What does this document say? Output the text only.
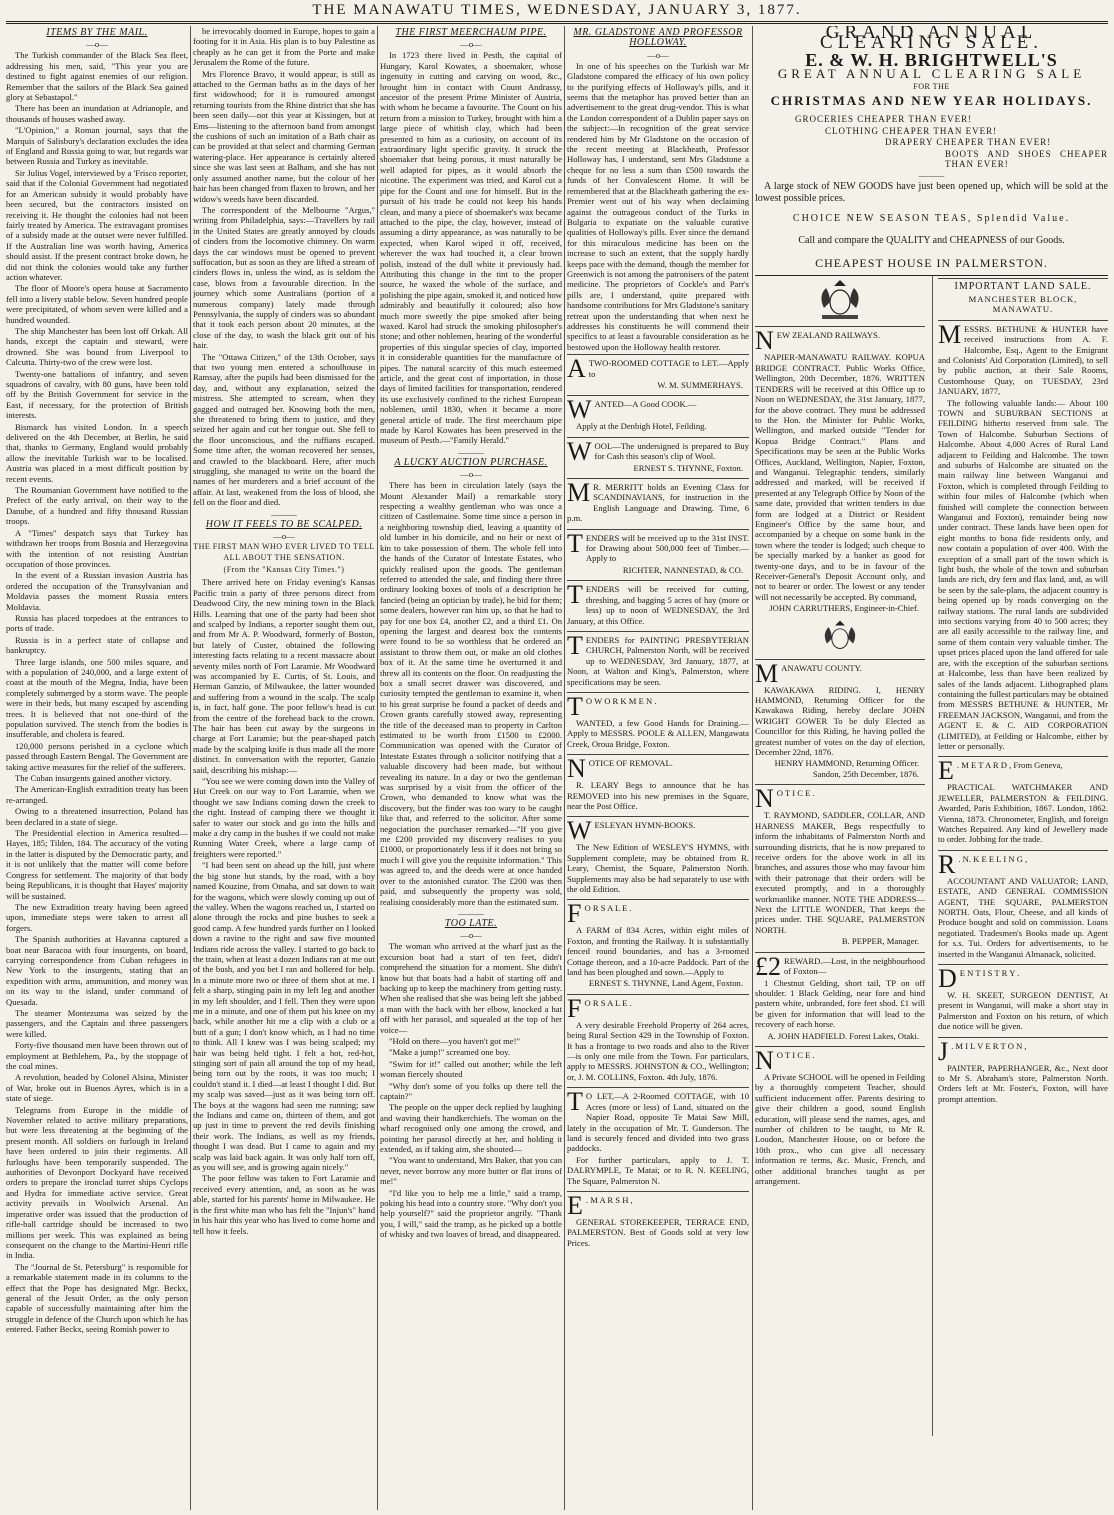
THE MANAWATU TIMES, WEDNESDAY, JANUARY 3, 1877.
ITEMS BY THE MAIL.
—o—

The Turkish commander of the Black Sea fleet, addressing his men, said, "This year you are destined to fight against enemies of our religion. Remember that the sailors of the Black Sea gained glory at Sebastapol."

There has been an inundation at Adrianople, and thousands of houses washed away.

"L'Opinion," a Roman journal, says that the Marquis of Salisbury's declaration excludes the idea of England and Russia going to war, but regards war between Russia and Turkey as inevitable.

Sir Julius Vogel, interviewed by a 'Frisco reporter, said that if the Colonial Government had negotiated for an American subsidy it would probably have been secured, but the contractors insisted on receiving it. He thought the colonies had not been fairly treated by America. The extravagant promises of a subsidy made at the outset were never fulfilled. If the Australian line was worth having, America should assist. If the present contract broke down, he did not think the colonies would take any further action whatever.

The floor of Moore's opera house at Sacramento fell into a livery stable below. Seven hundred people were precipitated, of whom seven were killed and a hundred wounded.

The ship Manchester has been lost off Orkah. All hands, except the captain and steward, were drowned. She was bound from Liverpool to Calcutta. Thirty-two of the crew were lost.

Twenty-one battalions of infantry, and seven squadrons of cavalry, with 80 guns, have been told off by the British Government for service in the East, if necessary, for the protection of British interests.

Bismarck has visited London. In a speech delivered on the 4th December, at Berlin, he said that, thanks to Germany, England would probably allow the inevitable Turkish war to be localised. Austria was placed in a most difficult position by recent events.

The Roumanian Government have notified to the Prefect of the early arrival, on their way to the Danube, of a hundred and fifty thousand Russian troops.

A "Times" despatch says that Turkey has withdrawn her troops from Bosnia and Herzegovina with the intention of not resisting Austrian occupation of those provinces.

In the event of a Russian invasion Austria has ordered the occupation of the Transylvanian and Moldavia passes the moment Russia enters Moldavia.

Russia has placed torpedoes at the entrances to ports of trade.

Russia is in a perfect state of collapse and bankruptcy.

Three large islands, one 500 miles square, and with a population of 240,000, and a large extent of coast at the mouth of the Megna, India, have been completely submerged by a storm wave. The people were in their beds, but many escaped by ascending trees. It is believed that not one-third of the population survived. The stench from the bodies is insufferable, and cholera is feared.

120,000 persons perished in a cyclone which passed through Eastern Bengal. The Government are taking active measures for the relief of the sufferers.

The Cuban insurgents gained another victory.

The American-English extradition treaty has been re-arranged.

Owing to a threatened insurrection, Poland has been declared in a state of siege.

The Presidential election in America resulted—Hayes, 185; Tilden, 184. The accuracy of the voting in the latter is disputed by the Democratic party, and it is not unlikely that the matter will come before Congress for settlement. The majority of that body being Republicans, it is thought that Hayes' majority will be sustained.

The new Extradition treaty having been agreed upon, immediate steps were taken to arrest all forgers.

The Spanish authorities at Havanna captured a boat near Baracoa with four insurgents, on board, carrying correspondence from Cuban refugees in New York to the insurgents, stating that an expedition with arms, ammunition, and money was on its way to the island, under command of Quesada.

The steamer Montezuma was seized by the passengers, and the Captain and three passengers were killed.

Forty-five thousand men have been thrown out of employment at Bethlehem, Pa., by the stoppage of the coal mines.

A revolution, headed by Colonel Alsina, Minister of War, broke out in Buenos Ayres, which is in a state of siege.

Telegrams from Europe in the middle of November related to active military preparations, but were less threatening at the beginning of the present month. All soldiers on furlough in Ireland have been ordered to join their regiments. All furloughs have been temporarily suspended. The authorities of Devonport Dockyard have received orders to prepare the ironclad turret ships Cyclops and Hydra for immediate active service. Great activity prevails in Woolwich Arsenal. An imperative order was issued that the production of rifle-ball cartridge should be increased to two millions per week. This was explained as being consequent on the change to the Martini-Henri rifle in India.

The "Journal de St. Petersburg" is responsible for a remarkable statement made in its columns to the effect that the Pope has designated Mgr. Beckx, general of the Jesuit Order, as the only person capable of successfully maintaining after him the struggle in defence of the Church upon which he has entered. Father Beckx, seeing Romish power to

be irrevocably doomed in Europe, hopes to gain a footing for it in Asia. His plan is to buy Palestine as cheaply as he can get it from the Porte and make Jerusalem the Rome of the future.

Mrs Florence Bravo, it would appear, is still as attached to the German baths as in the days of her first widowhood; for it is rumoured amongst returning tourists from the Rhine district that she has been seen daily—not this year at Kissingen, but at Ems—listening to the afternoon band from amongst the cushions of such an imitation of a Bath chair as can be provided at that select and charming German watering-place. Her appearance is certainly altered since she was last seen at Balham, and she has not only assumed another name, but the colour of her hair has been changed from flaxen to brown, and her widow's weeds have been discarded.

The correspondent of the Melbourne "Argus," writing from Philadelphia, says:—Travellers by rail in the United States are greatly annoyed by clouds of cinders from the locomotive chimney. On warm days the car windows must be opened to prevent suffocation, but as soon as they are lifted a stream of cinders flows in, unless the wind, as is seldom the case, blows from a favourable direction. In the journey which some Australians (portion of a numerous company) lately made through Pennsylvania, the supply of cinders was so abundant that it took each person about 20 minutes, at the close of the day, to wash the black grit out of his hair.

The "Ottawa Citizen," of the 13th October, says that two young men entered a schoolhouse in Ramsay, after the pupils had been dismissed for the day, and, without any explanation, seized the mistress. She attempted to scream, when they gagged and outraged her. Knowing both the men, she threatened to bring them to justice, and they seized her again and cut her tongue out. She fell to the floor unconscious, and the ruffians escaped. Some time after, the woman recovered her senses, and crawled to the blackboard. Here, after much struggling, she managed to write on the board the names of her murderers and a brief account of the affair. At last, weakened from the loss of blood, she fell on the floor and died.

———
HOW IT FEELS TO BE SCALPED.
—o—
THE FIRST MAN WHO EVER LIVED TO TELL ALL ABOUT THE SENSATION.
(From the "Kansas City Times.")

There arrived here on Friday evening's Kansas Pacific train a party of three persons direct from Deadwood City, the new mining town in the Black Hills. Learning that one of the party had been shot and scalped by Indians, a reporter sought them out, and from Mr A. P. Woodward, formerly of Boston, but lately of Custer, obtained the following interesting facts relating to a recent massacre about seventy miles north of Fort Laramie. Mr Woodward was accompanied by E. Curtis, of St. Louis, and Herman Ganzio, of Milwaukee, the latter wounded and suffering from a wound in the scalp. The scalp is, in fact, half gone. The poor fellow's head is cut from the centre of the forehead back to the crown. The hair has been cut away by the surgeons in charge at Fort Laramie; but the pear-shaped patch made by the scalping knife is thus made all the more distinct. In conversation with the reporter, Ganzio said, describing his mishap:—

"You see we were coming down into the Valley of Hut Creek on our way to Fort Laramie, when we thought we saw Indians coming down the creek to the right. Instead of camping there we thought it safer to water our stock and go into the hills and make a dry camp in the bushes if we could not make Running Water Creek, where a large camp of freighters were reported."

"I had been sent on ahead up the hill, just where the big stone hut stands, by the road, with a boy named Kouzine, from Omaha, and sat down to wait for the wagons, which were slowly coming up out of the valley. When the wagons reached us, I started on alone through the rocks and pine bushes to seek a good camp. A few hundred yards further on I looked down a ravine to the right and saw five mounted Indians ride across the valley. I started to go back to the train, when at least a dozen Indians ran at me out of the bush, and you bet I ran and hollered for help. In a minute more two or three of them shot at me. I felt a sharp, stinging pain in my left leg and another in my left shoulder, and I fell. Then they were upon me in a minute, and one of them put his knee on my back, while another hit me a clip with a club or a butt of a gun; I don't know which, as I had no time to think. All I knew was I was being scalped; my hair was being held tight. I felt a hot, red-hot, stinging sort of pain all around the top of my head, being torn out by the roots, it was too much; I couldn't stand it. I died—at least I thought I did. But my scalp was saved—just as it was being torn off. The boys at the wagons had seen me running; saw the Indians and came on, thirteen of them, and got up just in time to prevent the red devils finishing their work. The Indians, as well as my friends, thought I was dead. But I came to again and my scalp was laid back again. It was only half torn off, as you will see, and is growing again nicely."

The poor fellow was taken to Fort Laramie and received every attention, and, as soon as he was able, started for his parents' home in Milwaukee. He is the first white man who has felt the "Injun's" hand in his hair this year who has lived to come home and tell how it feels.

THE FIRST MEERCHAUM PIPE.
—o—

In 1723 there lived in Pesth, the capital of Hungary, Karol Kowates, a shoemaker, whose ingenuity in cutting and carving on wood, &c., brought him in contact with Count Andrassy, ancestor of the present Prime Minister of Austria, with whom he became a favourite. The Count on his return from a mission to Turkey, brought with him a large piece of whitish clay, which had been presented to him as a curiosity, on account of its extraordinary light specific gravity. It struck the shoemaker that being porous, it must naturally be well adapted for pipes, as it would absorb the nicotine. The experiment was tried, and Karol cut a pipe for the Count and one for himself. But in the pursuit of his trade he could not keep his hands clean, and many a piece of shoemaker's wax became attached to the pipe, the clay, however, instead of assuming a dirty appearance, as was naturally to be expected, when Karol wiped it off, received, wherever the wax had touched it, a clear brown polish, instead of the dull white it previously had. Attributing this change in the tint to the proper source, he waxed the whole of the surface, and polishing the pipe again, smoked it, and noticed how admirably and beautifully it coloured; also how much more sweetly the pipe smoked after being waxed. Karol had struck the smoking philosopher's stone; and other noblemen, hearing of the wonderful properties of this singular species of clay, imported it in considerable quantities for the manufacture of pipes. The natural scarcity of this much esteemed article, and the great cost of importation, in those days of limited facilities for transportation, rendered its use exclusively confined to the richest European noblemen, until 1830, when it became a more general article of trade. The first meerchaum pipe made by Karol Kowates has been preserved in the museum of Pesth.—"Family Herald."

———
A LUCKY AUCTION PURCHASE.
—o—

There has been in circulation lately (says the Mount Alexander Mail) a remarkable story respecting a wealthy gentleman who was once a citizen of Castlemaine. Some time since a person in a neighboring township died, leaving a quantity of old lumber in his domicile, and no heir or next of kin to take possession of them. The whole fell into the hands of the Curator of Intestate Estates, who quickly realised upon the goods. The gentleman referred to attended the sale, and finding there three ordinary looking boxes of tools of a description he fancied (being an optician by trade), he bid for them; some dealers, however ran him up, so that he had to pay for one box £4, another £2, and a third £1. On opening the largest and dearest box the contents were found to be so worthless that he ordered an assistant to throw them out, or make an old clothes box of it. At the same time he overturned it and threw all its contents on the floor. On readjusting the box a small secret drawer was discovered, and curiosity tempted the gentleman to examine it, when to his great surprise he found a packet of deeds and Crown grants carefully stowed away, representing the title of the deceased man to property in Carlton estimated to be worth from £1500 to £2000. Communication was opened with the Curator of Intestate Estates through a solicitor notifying that a valuable discovery had been made, but without revealing its nature. In a day or two the gentleman was surprised by a visit from the officer of the Crown, who demanded to know what was the discovery, but the finder was too wary to be caught like that, and referred to the solicitor. After some negociation the purchaser remarked—"If you give me £200 provided my discovery realises to you £1000, or proportionately less if it does not bring so much I will give you the requisite information." This was agreed to, and the deeds were at once handed over to the astonished curator. The £200 was then paid, and subsequently the property was sold, realising considerably more than the estimated sum.

———
TOO LATE.
—o—

The woman who arrived at the wharf just as the excursion boat had a start of ten feet, didn't comprehend the situation for a moment. She didn't know but that boats had a habit of starting off and backing up to keep the machinery from getting rusty. When she realised that she was being left she jabbed a man with the back with her elbow, knocked a hat off with her parasol, and squealed at the top of her voice—

"Hold on there—you haven't got me!"

"Make a jump!" screamed one boy.

"Swim for it!" called out another; while the left woman fiercely shouted

"Why don't some of you folks up there tell the captain?"

The people on the upper deck replied by laughing and waving their handkerchiefs. The woman on the wharf recognised only one among the crowd, and pointing her parasol directly at her, and holding it extended, as if taking aim, she shouted—

"You want to understand, Mrs Baker, that you can never, never borrow any more butter or flat irons of me!"

"I'd like you to help me a little," said a tramp, poking his head into a country store. "Why don't you help yourself?" said the proprietor angrily. "Thank you, I will," said the tramp, as he picked up a bottle of whisky and two loaves of bread, and disappeared.

MR. GLADSTONE AND PROFESSOR HOLLOWAY.
—o—

In one of his speeches on the Turkish war Mr Gladstone compared the efficacy of his own policy to the purifying effects of Holloway's pills, and it seems that the metaphor has proved better than an advertisement to the great drug-vendor. This is what the London correspondent of a Dublin paper says on the subject:—In recognition of the great service rendered him by Mr Gladstone on the occasion of the recent meeting at Blackheath, Professor Holloway has, I understand, sent Mrs Gladstone a cheque for no less a sum than £500 towards the funds of her Convalescent Home. It will be remembered that at the Blackheath gathering the ex-Premier went out of his way when declaiming against the outrageous conduct of the Turks in Bulgaria to expatiate on the valuable curative qualities of Holloway's pills. Ever since the demand for this miraculous medicine has been on the increase to such an extent, that the supply hardly keeps pace with the demand, though the member for Greenwich is not among the patronisers of the patent medicine. The proprietors of Cockle's and Parr's pills are, I understand, quite prepared with handsome contributions for Mrs Gladstone's sanitary retreat upon the understanding that when next he addresses his constituents he will commend their specifics to at least a favourable consideration as he bestowed upon the Holloway health restorer.

A TWO-ROOMED COTTAGE to LET.—Apply to

W. M. SUMMERHAYS.

W ANTED—A Good COOK.—

Apply at the Denbigh Hotel, Feilding.

W OOL—The undersigned is prepared to Buy for Cash this season's clip of Wool.

ERNEST S. THYNNE, Foxton.

M R. MERRITT holds an Evening Class for SCANDINAVIANS, for instruction in the English Language and Drawing. Time, 6 p.m.

T ENDERS will be received up to the 31st INST. for Drawing about 500,000 feet of Timber.—Apply to

RICHTER, NANNESTAD, & CO.

T ENDERS will be received for cutting, threshing, and bagging 5 acres of hay (more or less) up to noon of WEDNESDAY, the 3rd January, at this Office.

T ENDERS for PAINTING PRESBYTERIAN CHURCH, Palmerston North, will be received up to WEDNESDAY, 3rd January, 1877, at Noon, at Walton and King's, Palmerston, where specifications may be seen.

T O W O R K M E N .

WANTED, a few Good Hands for Draining.—Apply to MESSRS. POOLE & ALLEN, Mangawata Creek, Oroua Bridge, Foxton.

N OTICE OF REMOVAL.

R. LEARY Begs to announce that he has REMOVED into his new premises in the Square, near the Post Office.

W ESLEYAN HYMN-BOOKS.

The New Edition of WESLEY'S HYMNS, with Supplement complete, may be obtained from R. Leary, Chemist, the Square, Palmerston North. Supplements may also be had separately to use with the old Edition.

F O R S A L E .

A FARM of 834 Acres, within eight miles of Foxton, and fronting the Railway. It is substantially fenced round boundaries, and has a 3-roomed Cottage thereon, and a 10-acre Paddock. Part of the land has been ploughed and sown.—Apply to

ERNEST S. THYNNE, Land Agent, Foxton.

F O R S A L E .

A very desirable Freehold Property of 264 acres, being Rural Section 429 in the Township of Foxton. It has a frontage to two roads and also to the River—is only one mile from the Town. For particulars, apply to MESSRS. JOHNSTON & CO., Wellington; or, J. M. COLLINS, Foxton. 4th July, 1876.

T O LET,—A 2-Roomed COTTAGE, with 10 Acres (more or less) of Land, situated on the Napier Road, opposite Te Matai Saw Mill, lately in the occupation of Mr. T. Gunderson. The land is securely fenced and divided into two grass paddocks.

For further particulars, apply to J. T. DALRYMPLE, Te Matai; or to R. N. KEELING, The Square, Palmerston N.

E . M A R S H ,

GENERAL STOREKEEPER, TERRACE END, PALMERSTON. Best of Goods sold at very low Prices.

GRAND ANNUAL CLEARING SALE.
E. & W. H. BRIGHTWELL'S
GREAT ANNUAL CLEARING SALE
FOR THE
CHRISTMAS AND NEW YEAR HOLIDAYS.
GROCERIES CHEAPER THAN EVER!
CLOTHING CHEAPER THAN EVER!
DRAPERY CHEAPER THAN EVER!
BOOTS AND SHOES CHEAPER THAN EVER!
———

A large stock of NEW GOODS have just been opened up, which will be sold at the lowest possible prices.

CHOICE NEW SEASON TEAS, Splendid Value.

Call and compare the QUALITY and CHEAPNESS of our Goods.

CHEAPEST HOUSE IN PALMERSTON.

N EW ZEALAND RAILWAYS.

NAPIER-MANAWATU RAILWAY. KOPUA BRIDGE CONTRACT. Public Works Office, Wellington, 20th December, 1876. WRITTEN TENDERS will be received at this Office up to Noon on WEDNESDAY, the 31st January, 1877, for the above contract. They must be addressed to the Hon. the Minister for Public Works, Wellington, and marked outside "Tender for Kopua Bridge Contract." Plans and Specifications may be seen at the Public Works Offices, Auckland, Wellington, Napier, Foxton, and Wanganui. Telegraphic tenders, similarly addressed and marked, will be received if presented at any Telegraph Office by Noon of the same date, provided that written tenders in due form are lodged at a District or Resident Engineer's Office by the same hour, and accompanied by a cheque on some bank in the town where the tender is lodged; such cheque to be specially marked by a banker as good for twenty-one days, and to be in favour of the Receiver-General's Deposit Account only, and not to bearer or order. The lowest or any tender will not necessarily be accepted. By command,

JOHN CARRUTHERS, Engineer-in-Chief.

M ANAWATU COUNTY.

KAWAKAWA RIDING. I, HENRY HAMMOND, Returning Officer for the Kawakawa Riding, hereby declare JOHN WRIGHT GOWER To be duly Elected as Councillor for this Riding, he having polled the greatest number of votes on the day of election, December 22nd, 1876.

HENRY HAMMOND, Returning Officer. Sandon, 25th December, 1876.

N O T I C E .

T. RAYMOND, SADDLER, COLLAR, AND HARNESS MAKER, Begs respectfully to inform the inhabitants of Palmerston North and surrounding districts, that he is now prepared to receive orders for the above work in all its branches, and assures those who may favour him with their patronage that their orders will be executed promptly, and in a thoroughly workmanlike manner. NOTE THE ADDRESS— Next the LITTLE WONDER, That keeps the prices under. THE SQUARE, PALMERSTON NORTH.

B. PEPPER, Manager.

£2 REWARD.—Lost, in the neighbourhood of Foxton—

1 Chestnut Gelding, short tail, TP on off shoulder. 1 Black Gelding, near fore and hind pastern white, unbranded, fore feet shod. £1 will be given for information that will lead to the recovery of each horse.

A. JOHN HADFIELD. Forest Lakes, Otaki.

N O T I C E .

A Private SCHOOL will be opened in Feilding by a thoroughly competent Teacher, should sufficient inducement offer. Parents desiring to give their children a good, sound English education, will please send the names, ages, and number of children to be taught, to Mr R. Loudon, Manchester House, on or before the 10th prox., who can give all necessary information re terms, &c. Music, French, and other additional branches taught as per arrangement.

IMPORTANT LAND SALE.

MANCHESTER BLOCK, MANAWATU.

M ESSRS. BETHUNE & HUNTER have received instructions from A. F. Halcombe, Esq., Agent to the Emigrant and Colonists' Aid Corporation (Limited), to sell by public auction, at their Sale Rooms, Customhouse Quay, on TUESDAY, 23rd JANUARY, 1877,

The following valuable lands:— About 100 TOWN and SUBURBAN SECTIONS at FEILDING hitherto reserved from sale. The Town of Halcombe. Suburban Sections of Halcombe. About 4,000 Acres of Rural Land adjacent to Feilding and Halcombe. The town and suburbs of Halcombe are situated on the main railway line between Wanganui and Foxton, which is completed through Feilding to within four miles of Halcombe (which when finished will complete the connection between Wanganui and Foxton), remainder being now under contract. These lands have been open for eight months to bona fide residents only, and now contain a population of over 400. With the exception of a small part of the town which is light bush, the whole of the town and suburban lands are rich, dry fern and flax land, and, as will be seen by the sale-plans, the adjacent country is being opened up by roads converging on the railway stations. The rural lands are subdivided into sections varying from 40 to 500 acres; they are all easily accessible to the railway line, and some of them contain very valuable timber. The upset prices placed upon the land offered for sale are, with the exception of the suburban sections at Halcombe, less than have been realized by sales of the lands adjacent. Lithographed plans containing the fullest particulars may be obtained from MESSRS BETHUNE & HUNTER, Mr FREEMAN JACKSON, Wanganui, and from the AGENT E. & C. AID CORPORATION (LIMITED), at Feilding or Halcombe, either by letter or personally.

E . M E T A R D , From Geneva,

PRACTICAL WATCHMAKER AND JEWELLER, PALMERSTON & FEILDING. Awarded, Paris Exhibition, 1867. London, 1862. Vienna, 1873. Chronometer, English, and foreign Watches Repaired. Any kind of Jewellery made to order. Jobbing for the trade.

R . N. K E E L I N G ,

ACCOUNTANT AND VALUATOR; LAND, ESTATE, AND GENERAL COMMISSION AGENT, THE SQUARE, PALMERSTON NORTH. Oats, Flour, Cheese, and all kinds of Produce bought and sold on commission. Loans negotiated. Tradesmen's Books made up. Agent for s.s. Tui. Orders for advertisements, to be inserted in the Wanganui Almanack, solicited.

D E N T I S T R Y .

W. H. SKEET, SURGEON DENTIST, At present in Wanganui, will make a short stay in Palmerston and Foxton on his return, of which due notice will be given.

J . M I L V E R T O N ,

PAINTER, PAPERHANGER, &c., Next door to Mr S. Abraham's store, Palmerston North. Orders left at Mr. Foster's, Foxton, will have prompt attention.
